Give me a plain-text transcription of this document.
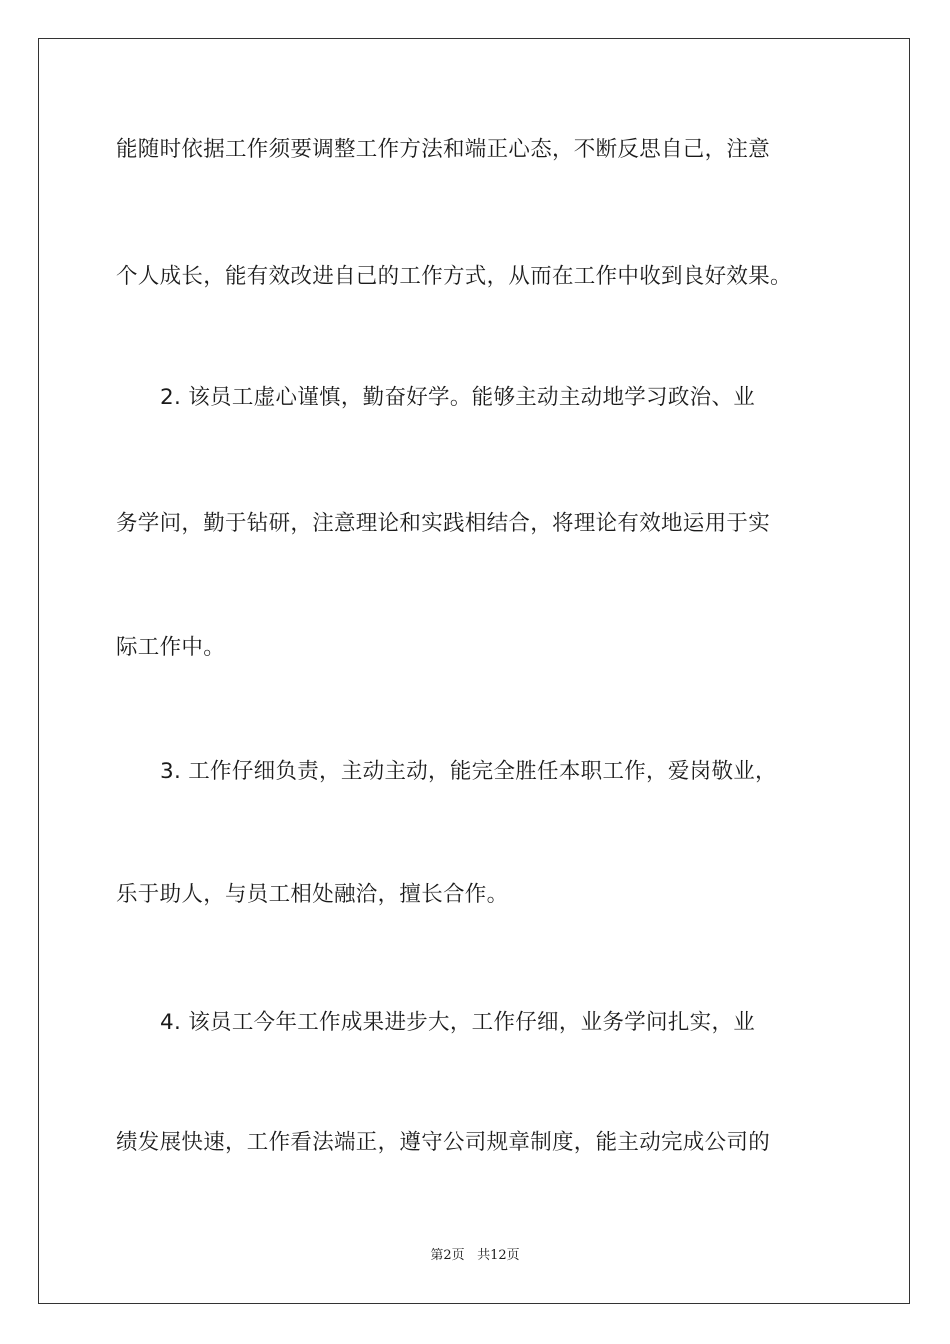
能随时依据工作须要调整工作方法和端正心态，不断反思自己，注意
个人成长，能有效改进自己的工作方式，从而在工作中收到良好效果。
2. 该员工虚心谨慎，勤奋好学。能够主动主动地学习政治、业
务学问，勤于钻研，注意理论和实践相结合，将理论有效地运用于实
际工作中。
3. 工作仔细负责，主动主动，能完全胜任本职工作，爱岗敬业，
乐于助人，与员工相处融洽，擅长合作。
4. 该员工今年工作成果进步大，工作仔细，业务学问扎实，业
绩发展快速，工作看法端正，遵守公司规章制度，能主动完成公司的
第2页 共12页
